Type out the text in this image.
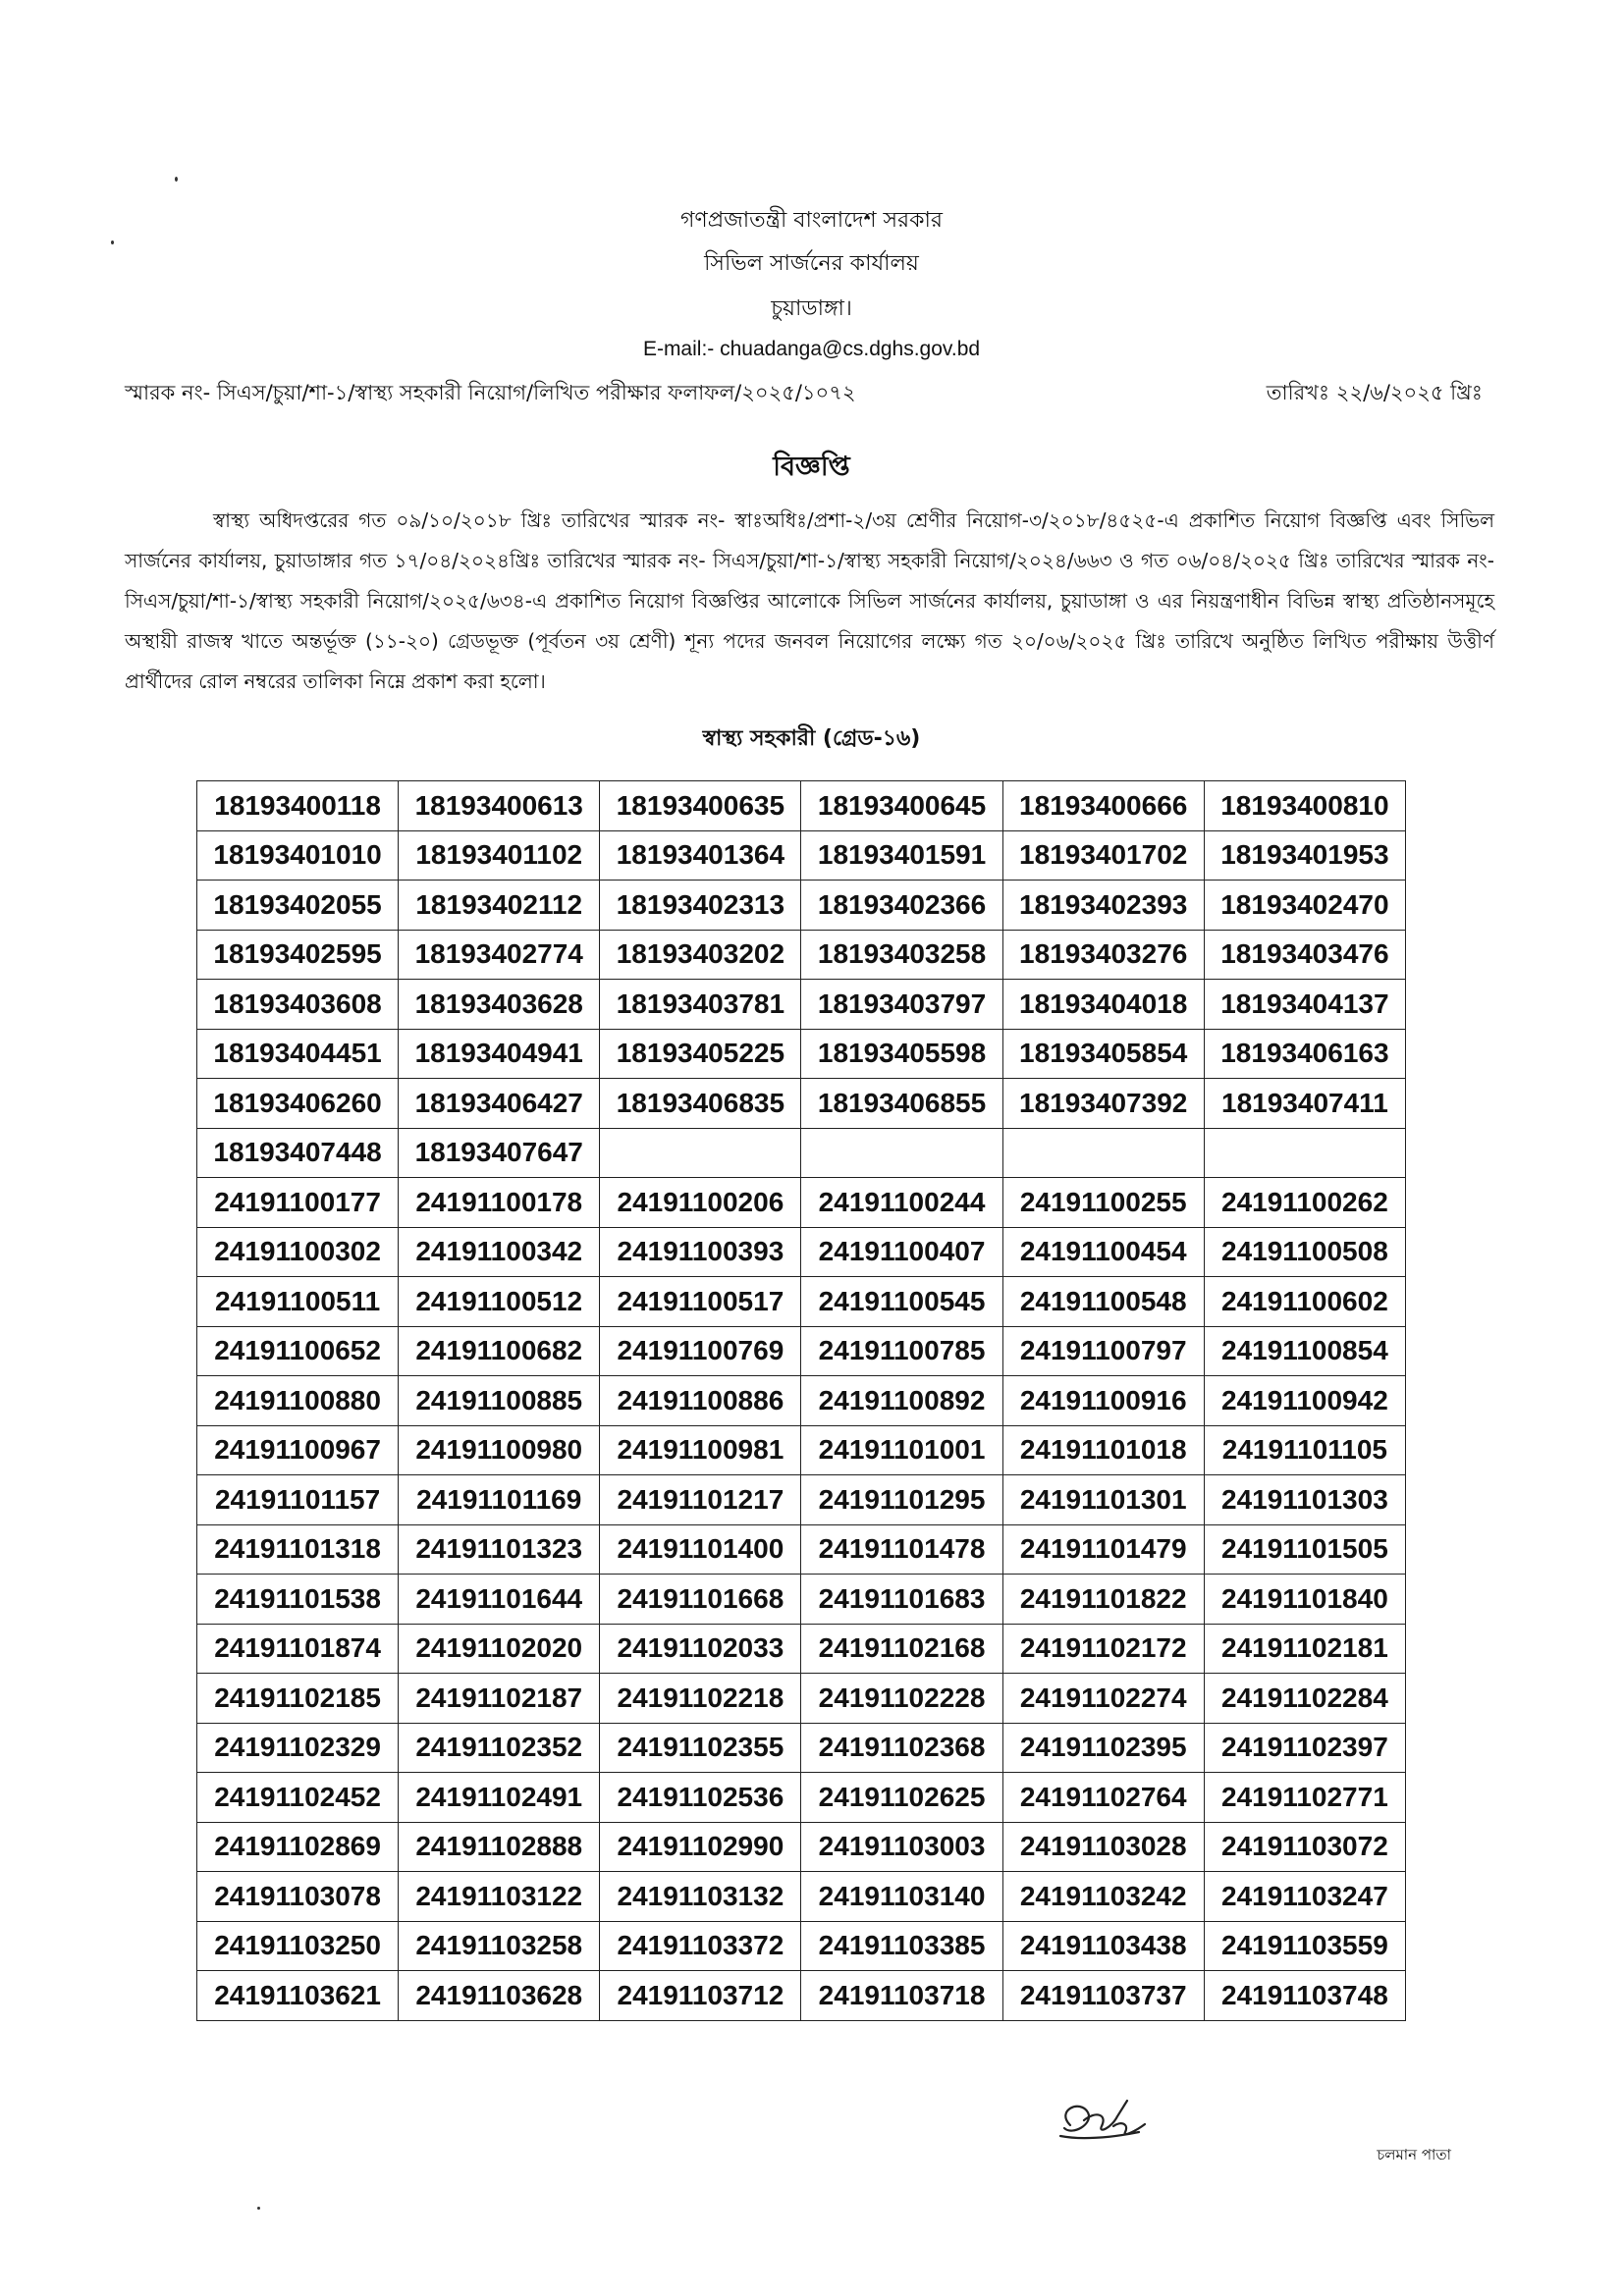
গণপ্রজাতন্ত্রী বাংলাদেশ সরকার
সিভিল সার্জনের কার্যালয়
চুয়াডাঙ্গা।
E-mail:- chuadanga@cs.dghs.gov.bd
স্মারক নং- সিএস/চুয়া/শা-১/স্বাস্থ্য সহকারী নিয়োগ/লিখিত পরীক্ষার ফলাফল/২০২৫/১০৭২	তারিখঃ ২২/৬/২০২৫ খ্রিঃ
বিজ্ঞপ্তি
স্বাস্থ্য অধিদপ্তরের গত ০৯/১০/২০১৮ খ্রিঃ তারিখের স্মারক নং- স্বাঃঅধিঃ/প্রশা-২/৩য় শ্রেণীর নিয়োগ-৩/২০১৮/৪৫২৫-এ প্রকাশিত নিয়োগ বিজ্ঞপ্তি এবং সিভিল সার্জনের কার্যালয়, চুয়াডাঙ্গার গত ১৭/০৪/২০২৪খ্রিঃ তারিখের স্মারক নং- সিএস/চুয়া/শা-১/স্বাস্থ্য সহকারী নিয়োগ/২০২৪/৬৬৩ ও গত ০৬/০৪/২০২৫ খ্রিঃ তারিখের স্মারক নং- সিএস/চুয়া/শা-১/স্বাস্থ্য সহকারী নিয়োগ/২০২৫/৬৩৪-এ প্রকাশিত নিয়োগ বিজ্ঞপ্তির আলোকে সিভিল সার্জনের কার্যালয়, চুয়াডাঙ্গা ও এর নিয়ন্ত্রণাধীন বিভিন্ন স্বাস্থ্য প্রতিষ্ঠানসমূহে অস্থায়ী রাজস্ব খাতে অন্তর্ভূক্ত (১১-২০) গ্রেডভূক্ত (পূর্বতন ৩য় শ্রেণী) শূন্য পদের জনবল নিয়োগের লক্ষ্যে গত ২০/০৬/২০২৫ খ্রিঃ তারিখে অনুষ্ঠিত লিখিত পরীক্ষায় উত্তীর্ণ প্রার্থীদের রোল নম্বরের তালিকা নিম্নে প্রকাশ করা হলো।
স্বাস্থ্য সহকারী (গ্রেড-১৬)
18193400118	18193400613	18193400635	18193400645	18193400666	18193400810
18193401010	18193401102	18193401364	18193401591	18193401702	18193401953
18193402055	18193402112	18193402313	18193402366	18193402393	18193402470
18193402595	18193402774	18193403202	18193403258	18193403276	18193403476
18193403608	18193403628	18193403781	18193403797	18193404018	18193404137
18193404451	18193404941	18193405225	18193405598	18193405854	18193406163
18193406260	18193406427	18193406835	18193406855	18193407392	18193407411
18193407448	18193407647				
24191100177	24191100178	24191100206	24191100244	24191100255	24191100262
24191100302	24191100342	24191100393	24191100407	24191100454	24191100508
24191100511	24191100512	24191100517	24191100545	24191100548	24191100602
24191100652	24191100682	24191100769	24191100785	24191100797	24191100854
24191100880	24191100885	24191100886	24191100892	24191100916	24191100942
24191100967	24191100980	24191100981	24191101001	24191101018	24191101105
24191101157	24191101169	24191101217	24191101295	24191101301	24191101303
24191101318	24191101323	24191101400	24191101478	24191101479	24191101505
24191101538	24191101644	24191101668	24191101683	24191101822	24191101840
24191101874	24191102020	24191102033	24191102168	24191102172	24191102181
24191102185	24191102187	24191102218	24191102228	24191102274	24191102284
24191102329	24191102352	24191102355	24191102368	24191102395	24191102397
24191102452	24191102491	24191102536	24191102625	24191102764	24191102771
24191102869	24191102888	24191102990	24191103003	24191103028	24191103072
24191103078	24191103122	24191103132	24191103140	24191103242	24191103247
24191103250	24191103258	24191103372	24191103385	24191103438	24191103559
24191103621	24191103628	24191103712	24191103718	24191103737	24191103748
চলমান পাতা
